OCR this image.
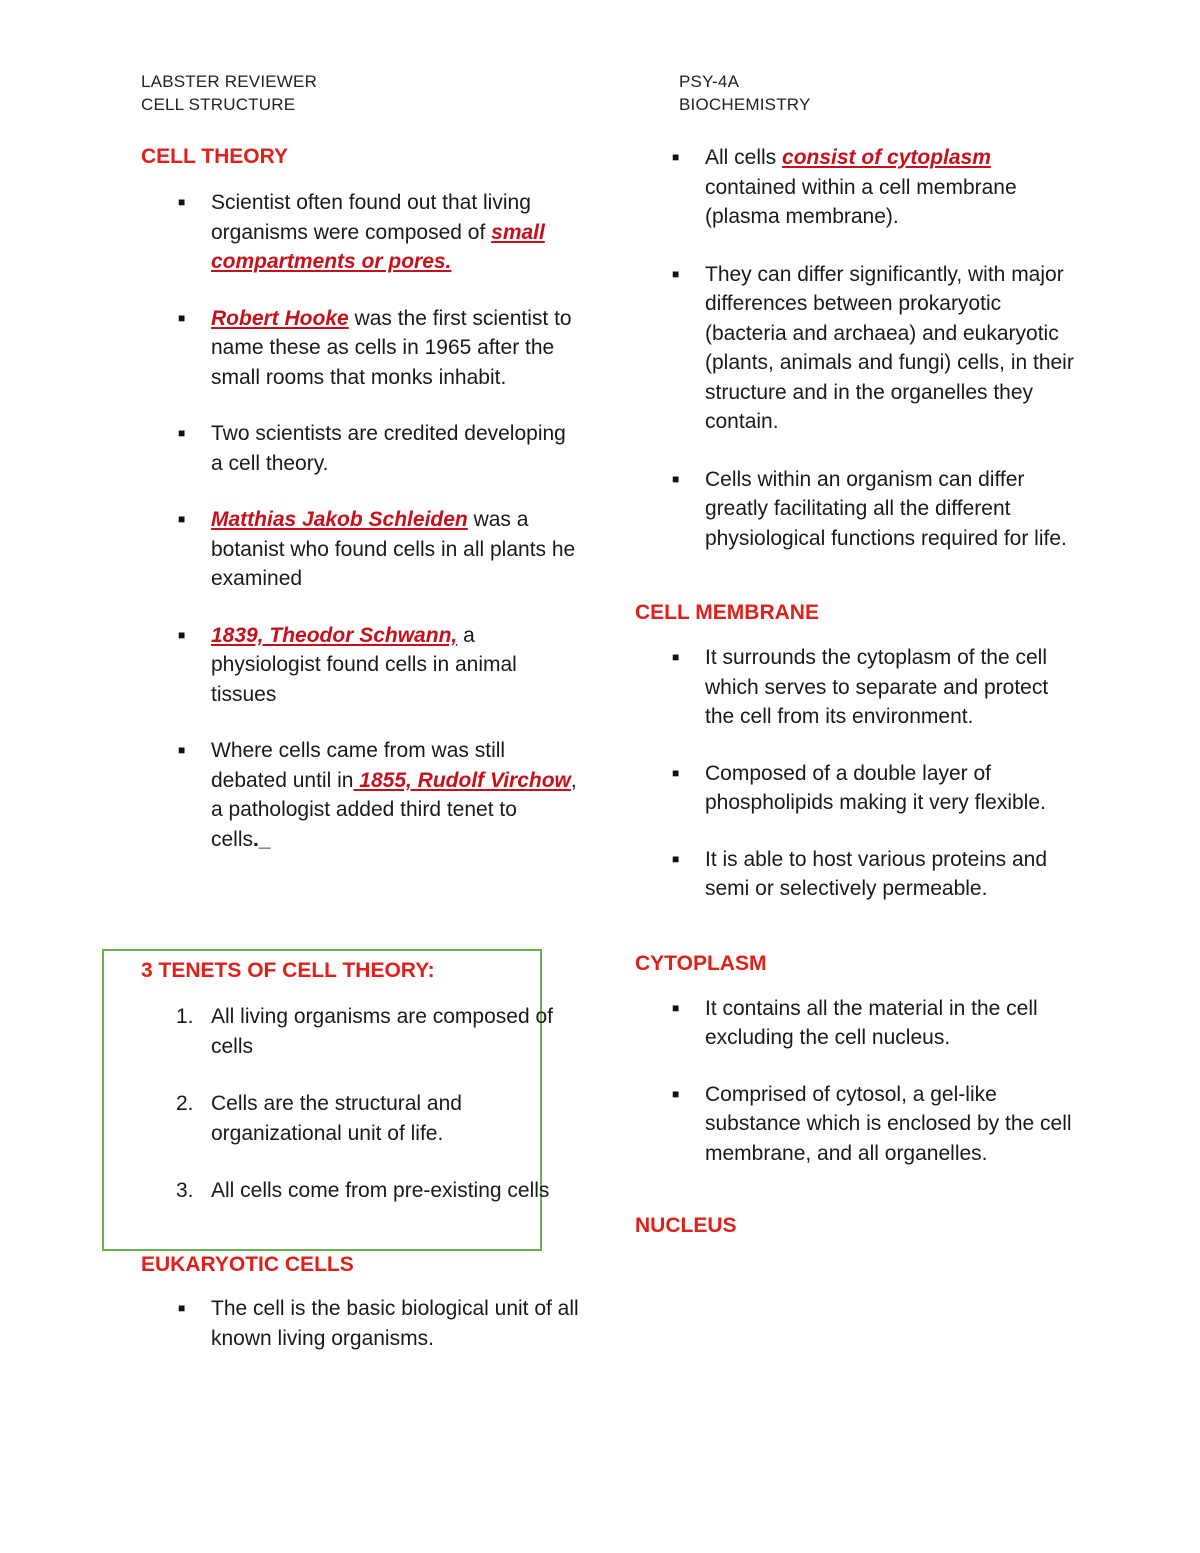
LABSTER REVIEWER
CELL STRUCTURE
PSY-4A
BIOCHEMISTRY
CELL THEORY
■ Scientist often found out that living organisms were composed of small compartments or pores.
■ Robert Hooke was the first scientist to name these as cells in 1965 after the small rooms that monks inhabit.
■ Two scientists are credited developing a cell theory.
■ Matthias Jakob Schleiden was a botanist who found cells in all plants he examined
■ 1839, Theodor Schwann, a physiologist found cells in animal tissues
■ Where cells came from was still debated until in 1855, Rudolf Virchow, a pathologist added third tenet to cells._
3 TENETS OF CELL THEORY:
1. All living organisms are composed of cells
2. Cells are the structural and organizational unit of life.
3. All cells come from pre-existing cells
EUKARYOTIC CELLS
■ The cell is the basic biological unit of all known living organisms.
■ All cells consist of cytoplasm contained within a cell membrane (plasma membrane).
■ They can differ significantly, with major differences between prokaryotic (bacteria and archaea) and eukaryotic (plants, animals and fungi) cells, in their structure and in the organelles they contain.
■ Cells within an organism can differ greatly facilitating all the different physiological functions required for life.
CELL MEMBRANE
■ It surrounds the cytoplasm of the cell which serves to separate and protect the cell from its environment.
■ Composed of a double layer of phospholipids making it very flexible.
■ It is able to host various proteins and semi or selectively permeable.
CYTOPLASM
■ It contains all the material in the cell excluding the cell nucleus.
■ Comprised of cytosol, a gel-like substance which is enclosed by the cell membrane, and all organelles.
NUCLEUS
